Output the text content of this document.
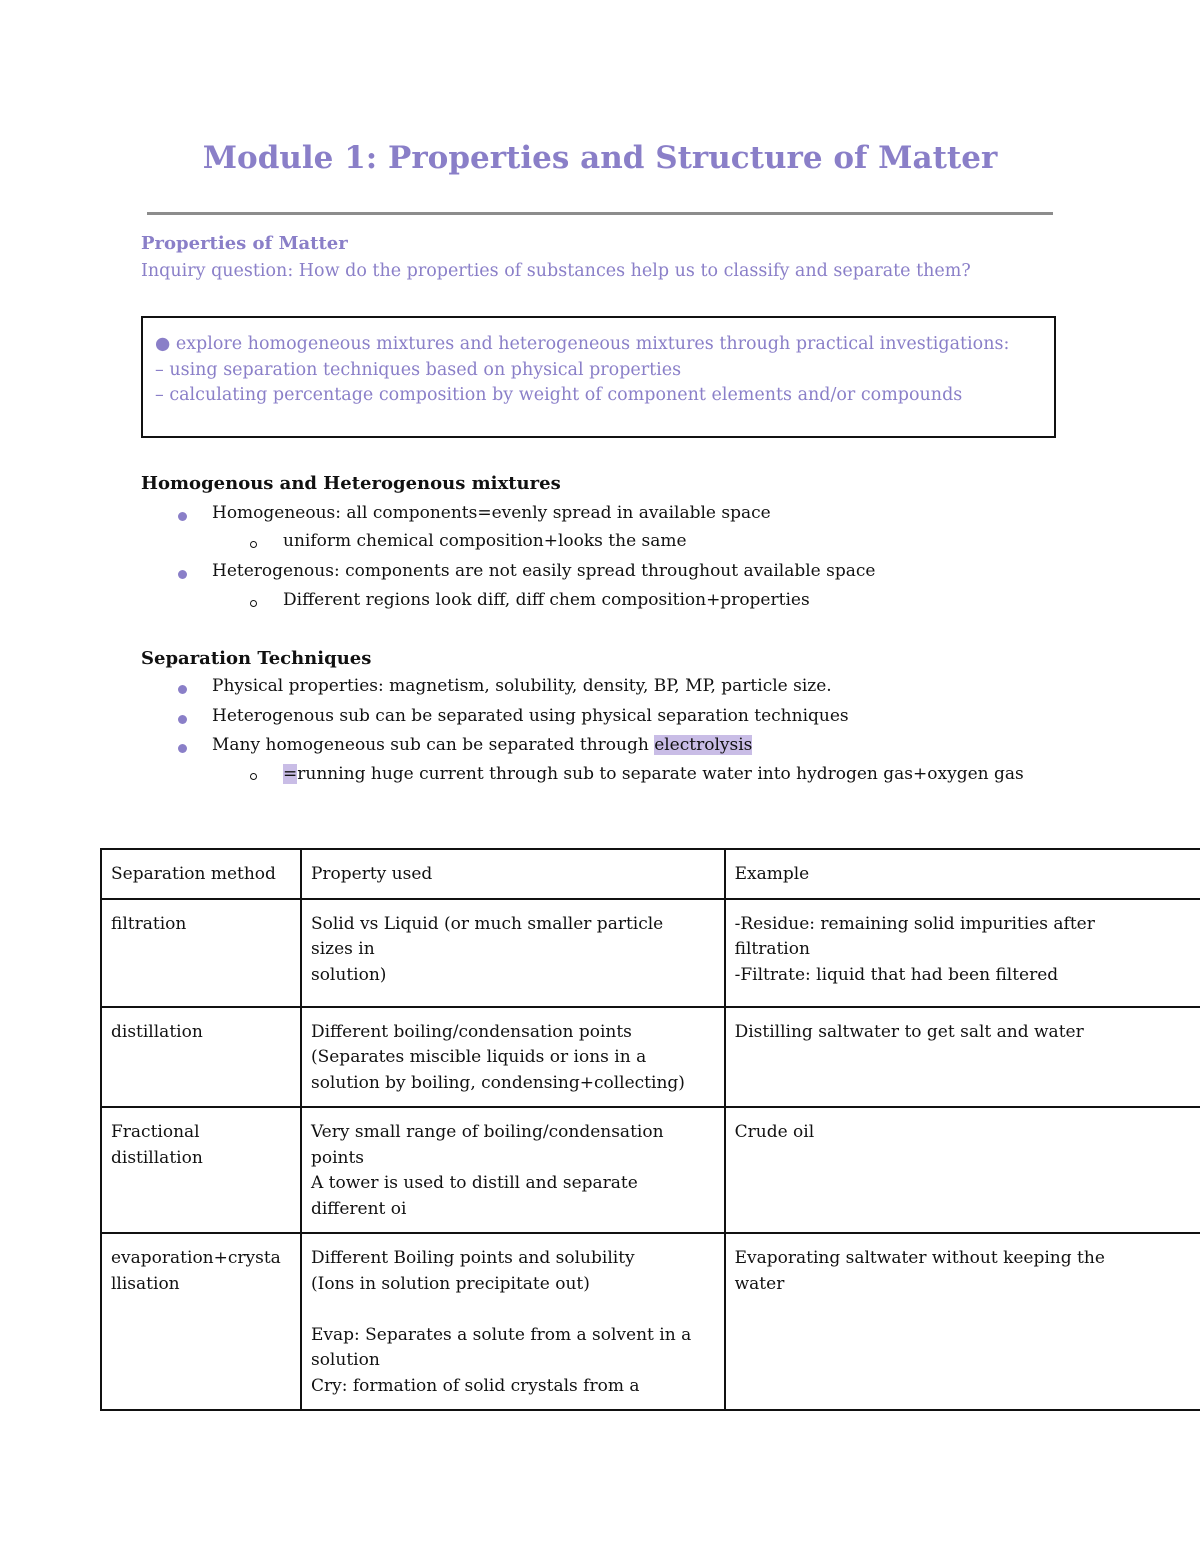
Module 1: Properties and Structure of Matter

Properties of Matter

Inquiry question: How do the properties of substances help us to classify and separate them?

● explore homogeneous mixtures and heterogeneous mixtures through practical investigations:

– using separation techniques based on physical properties

– calculating percentage composition by weight of component elements and/or compounds

Homogenous and Heterogenous mixtures

Homogeneous: all components=evenly spread in available space

uniform chemical composition+looks the same

Heterogenous: components are not easily spread throughout available space

Different regions look diff, diff chem composition+properties

Separation Techniques

Physical properties: magnetism, solubility, density, BP, MP, particle size.

Heterogenous sub can be separated using physical separation techniques

Many homogeneous sub can be separated through electrolysis

=running huge current through sub to separate water into hydrogen gas+oxygen gas

Separation method	Property used	Example

filtration	Solid vs Liquid (or much smaller particle
sizes in
solution)	-Residue: remaining solid impurities after
filtration
-Filtrate: liquid that had been filtered

distillation	Different boiling/condensation points
(Separates miscible liquids or ions in a
solution by boiling, condensing+collecting)	Distilling saltwater to get salt and water

Fractional
distillation	Very small range of boiling/condensation
points
A tower is used to distill and separate
different oi	Crude oil

evaporation+crysta
llisation	Different Boiling points and solubility
(Ions in solution precipitate out)
Evap: Separates a solute from a solvent in a
solution
Cry: formation of solid crystals from a	Evaporating saltwater without keeping the
water
